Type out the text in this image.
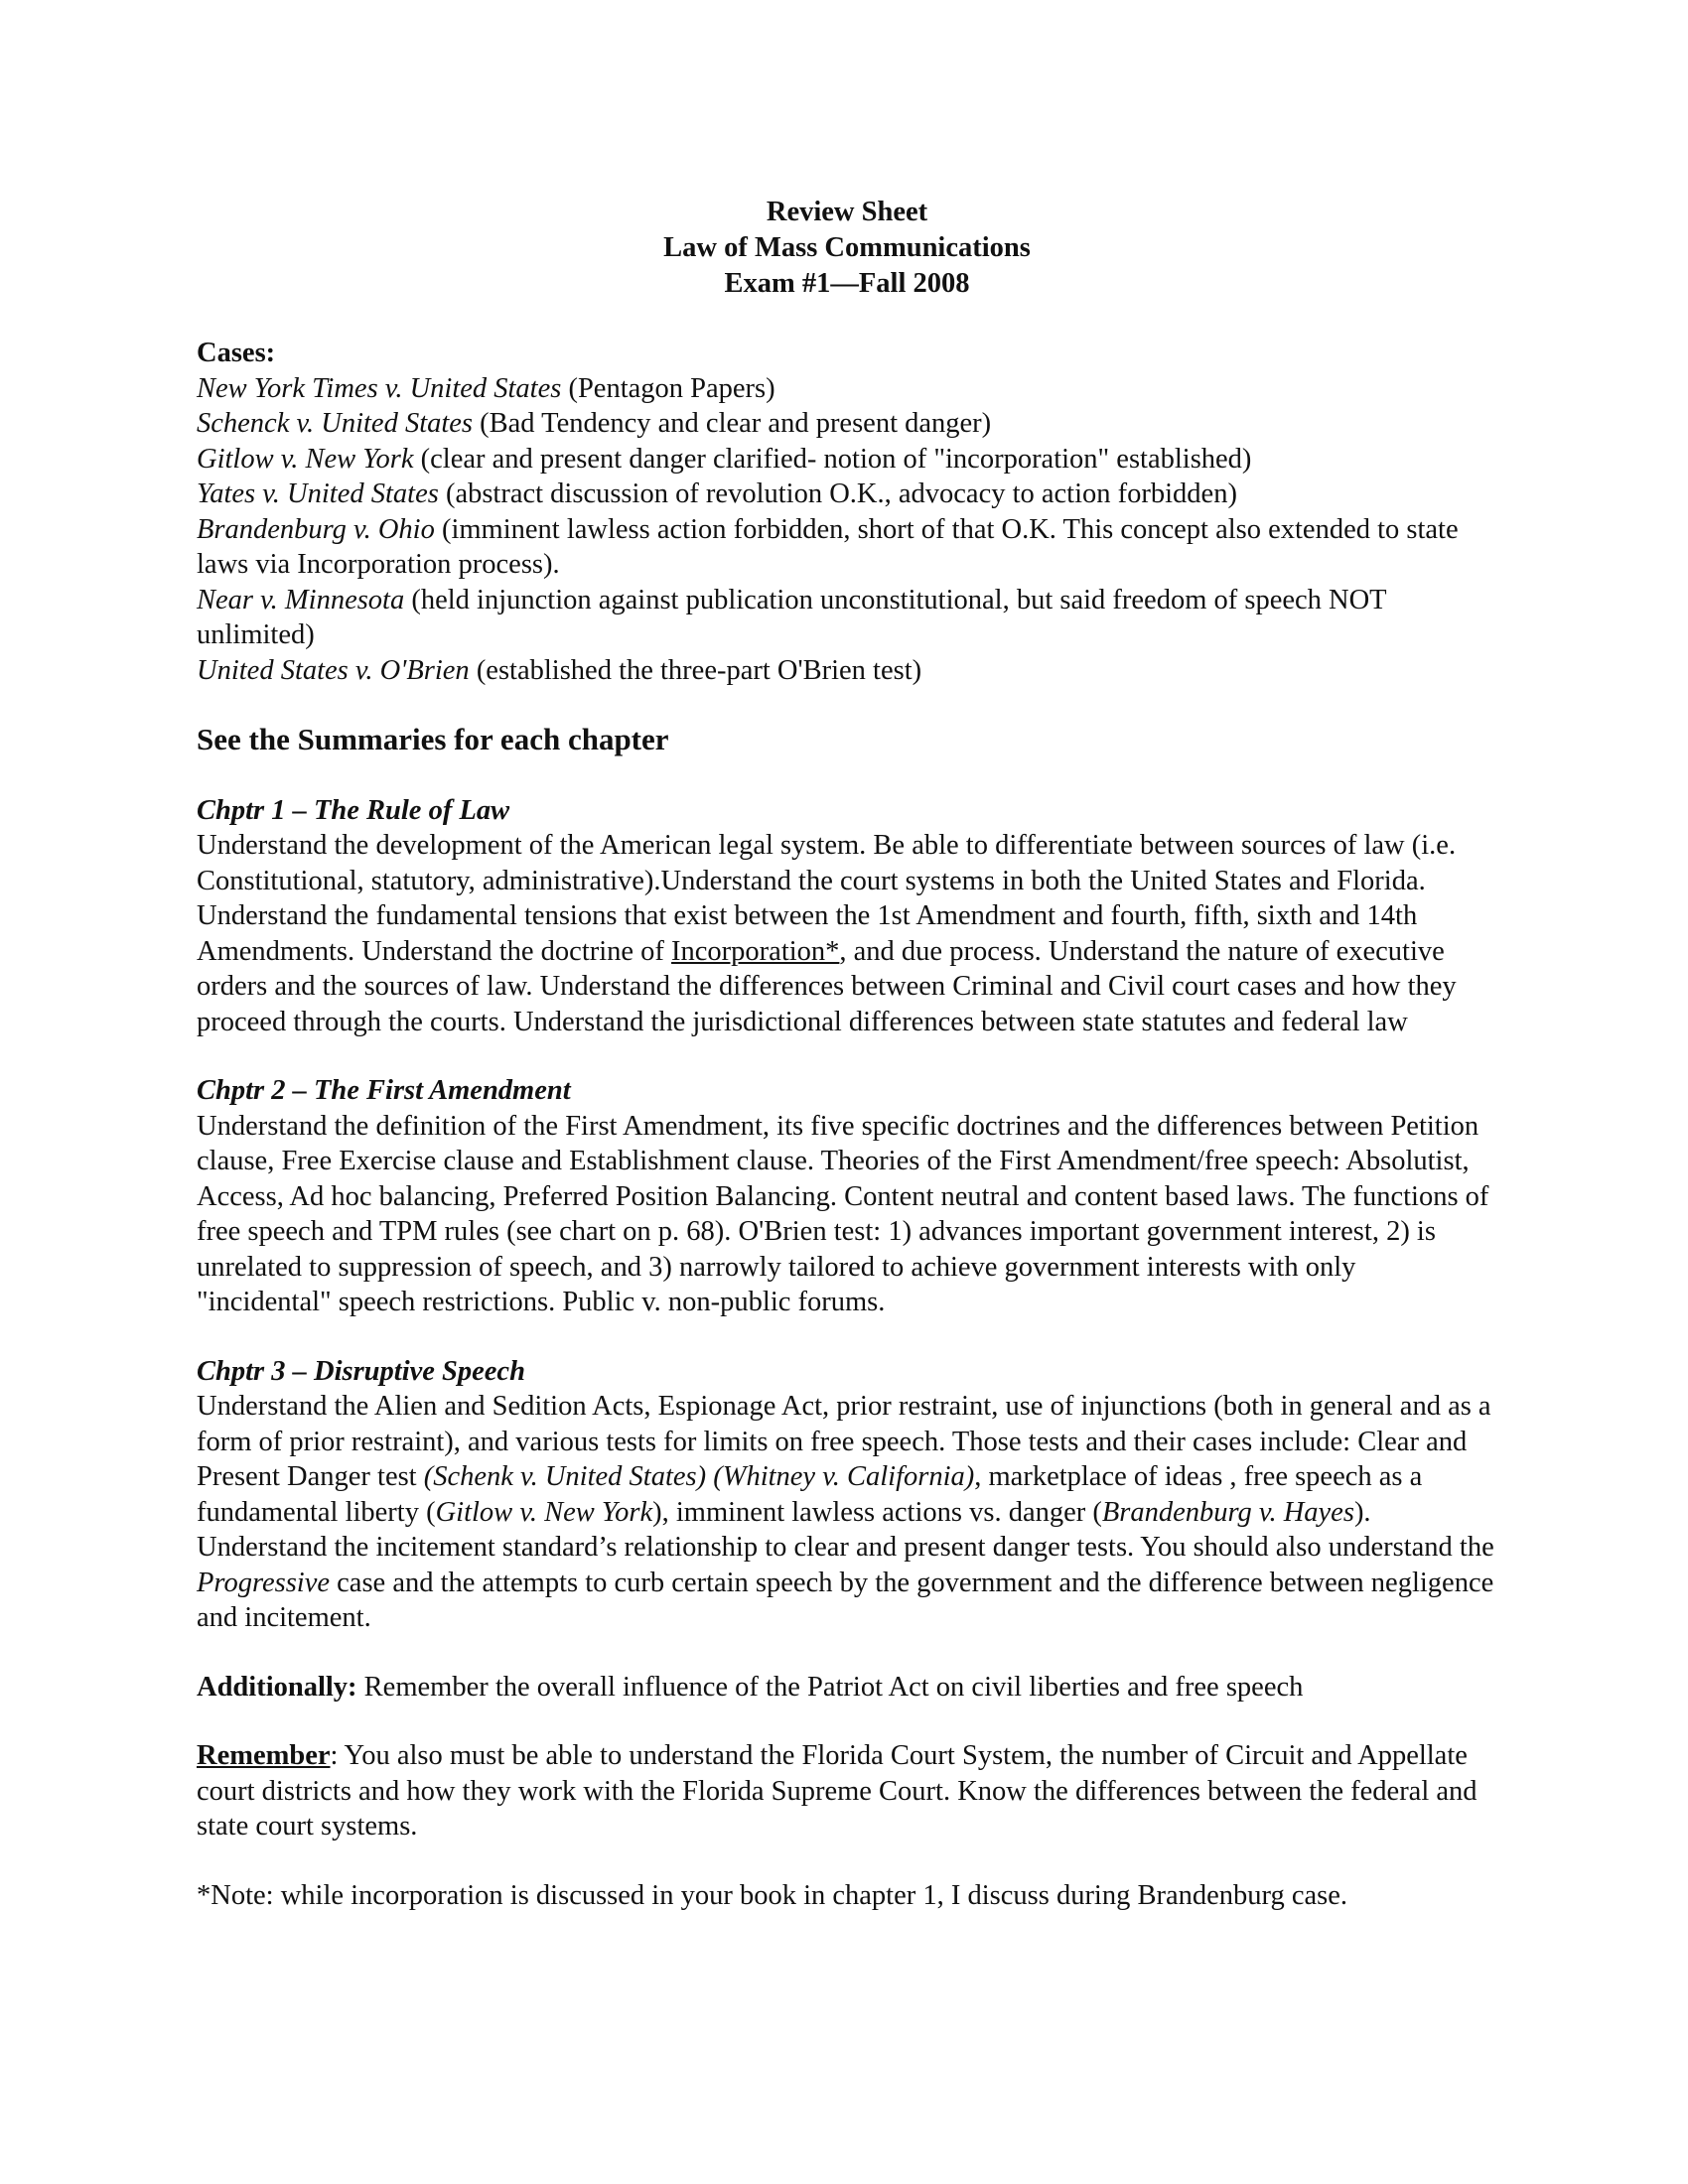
Review Sheet
Law of Mass Communications
Exam #1—Fall 2008
Cases:
New York Times v. United States (Pentagon Papers)
Schenck v. United States (Bad Tendency and clear and present danger)
Gitlow v. New York (clear and present danger clarified- notion of "incorporation" established)
Yates v. United States (abstract discussion of revolution O.K., advocacy to action forbidden)
Brandenburg v. Ohio (imminent lawless action forbidden, short of that O.K. This concept also extended to state laws via Incorporation process).
Near v. Minnesota (held injunction against publication unconstitutional, but said freedom of speech NOT unlimited)
United States v. O'Brien (established the three-part O'Brien test)
See the Summaries for each chapter
Chptr 1 – The Rule of Law
Understand the development of the American legal system. Be able to differentiate between sources of law (i.e. Constitutional, statutory, administrative).Understand the court systems in both the United States and Florida. Understand the fundamental tensions that exist between the 1st Amendment and fourth, fifth, sixth and 14th Amendments. Understand the doctrine of Incorporation*, and due process. Understand the nature of executive orders and the sources of law. Understand the differences between Criminal and Civil court cases and how they proceed through the courts. Understand the jurisdictional differences between state statutes and federal law
Chptr 2 – The First Amendment
Understand the definition of the First Amendment, its five specific doctrines and the differences between Petition clause, Free Exercise clause and Establishment clause. Theories of the First Amendment/free speech: Absolutist, Access, Ad hoc balancing, Preferred Position Balancing. Content neutral and content based laws. The functions of free speech and TPM rules (see chart on p. 68). O'Brien test: 1) advances important government interest, 2) is unrelated to suppression of speech, and 3) narrowly tailored to achieve government interests with only "incidental" speech restrictions. Public v. non-public forums.
Chptr 3 – Disruptive Speech
Understand the Alien and Sedition Acts, Espionage Act, prior restraint, use of injunctions (both in general and as a form of prior restraint), and various tests for limits on free speech. Those tests and their cases include: Clear and Present Danger test (Schenk v. United States) (Whitney v. California), marketplace of ideas , free speech as a fundamental liberty (Gitlow v. New York), imminent lawless actions vs. danger (Brandenburg v. Hayes). Understand the incitement standard’s relationship to clear and present danger tests. You should also understand the Progressive case and the attempts to curb certain speech by the government and the difference between negligence and incitement.
Additionally: Remember the overall influence of the Patriot Act on civil liberties and free speech
Remember: You also must be able to understand the Florida Court System, the number of Circuit and Appellate court districts and how they work with the Florida Supreme Court. Know the differences between the federal and state court systems.
*Note: while incorporation is discussed in your book in chapter 1, I discuss during Brandenburg case.
